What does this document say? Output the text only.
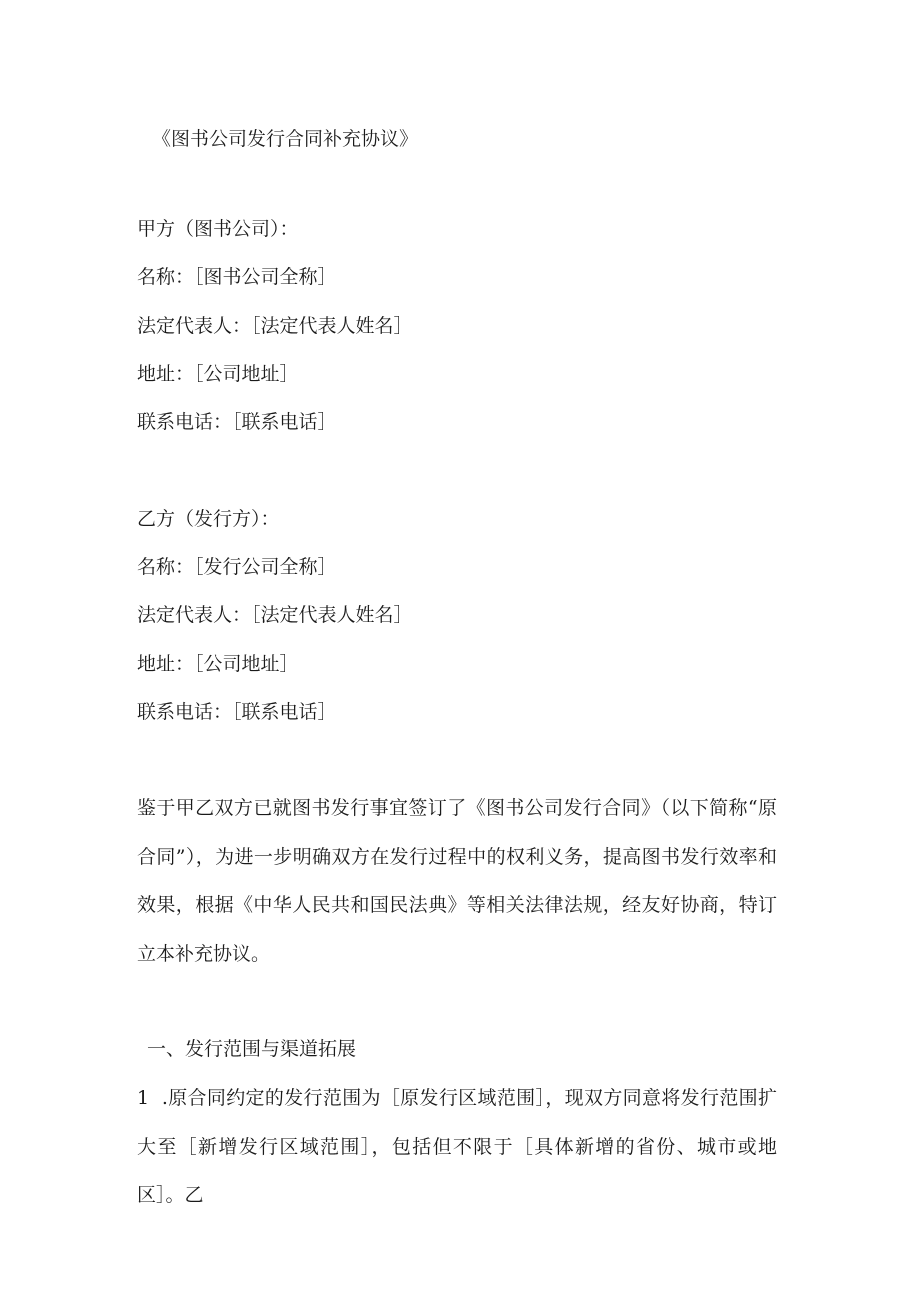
《图书公司发行合同补充协议》
甲方（图书公司）：
名称：［图书公司全称］
法定代表人：［法定代表人姓名］
地址：［公司地址］
联系电话：［联系电话］
乙方（发行方）：
名称：［发行公司全称］
法定代表人：［法定代表人姓名］
地址：［公司地址］
联系电话：［联系电话］
鉴于甲乙双方已就图书发行事宜签订了《图书公司发行合同》（以下简称“原合同”），为进一步明确双方在发行过程中的权利义务，提高图书发行效率和效果，根据《中华人民共和国民法典》等相关法律法规，经友好协商，特订立本补充协议。
一、发行范围与渠道拓展
1  .原合同约定的发行范围为［原发行区域范围］，现双方同意将发行范围扩大至［新增发行区域范围］，包括但不限于［具体新增的省份、城市或地区］。乙
